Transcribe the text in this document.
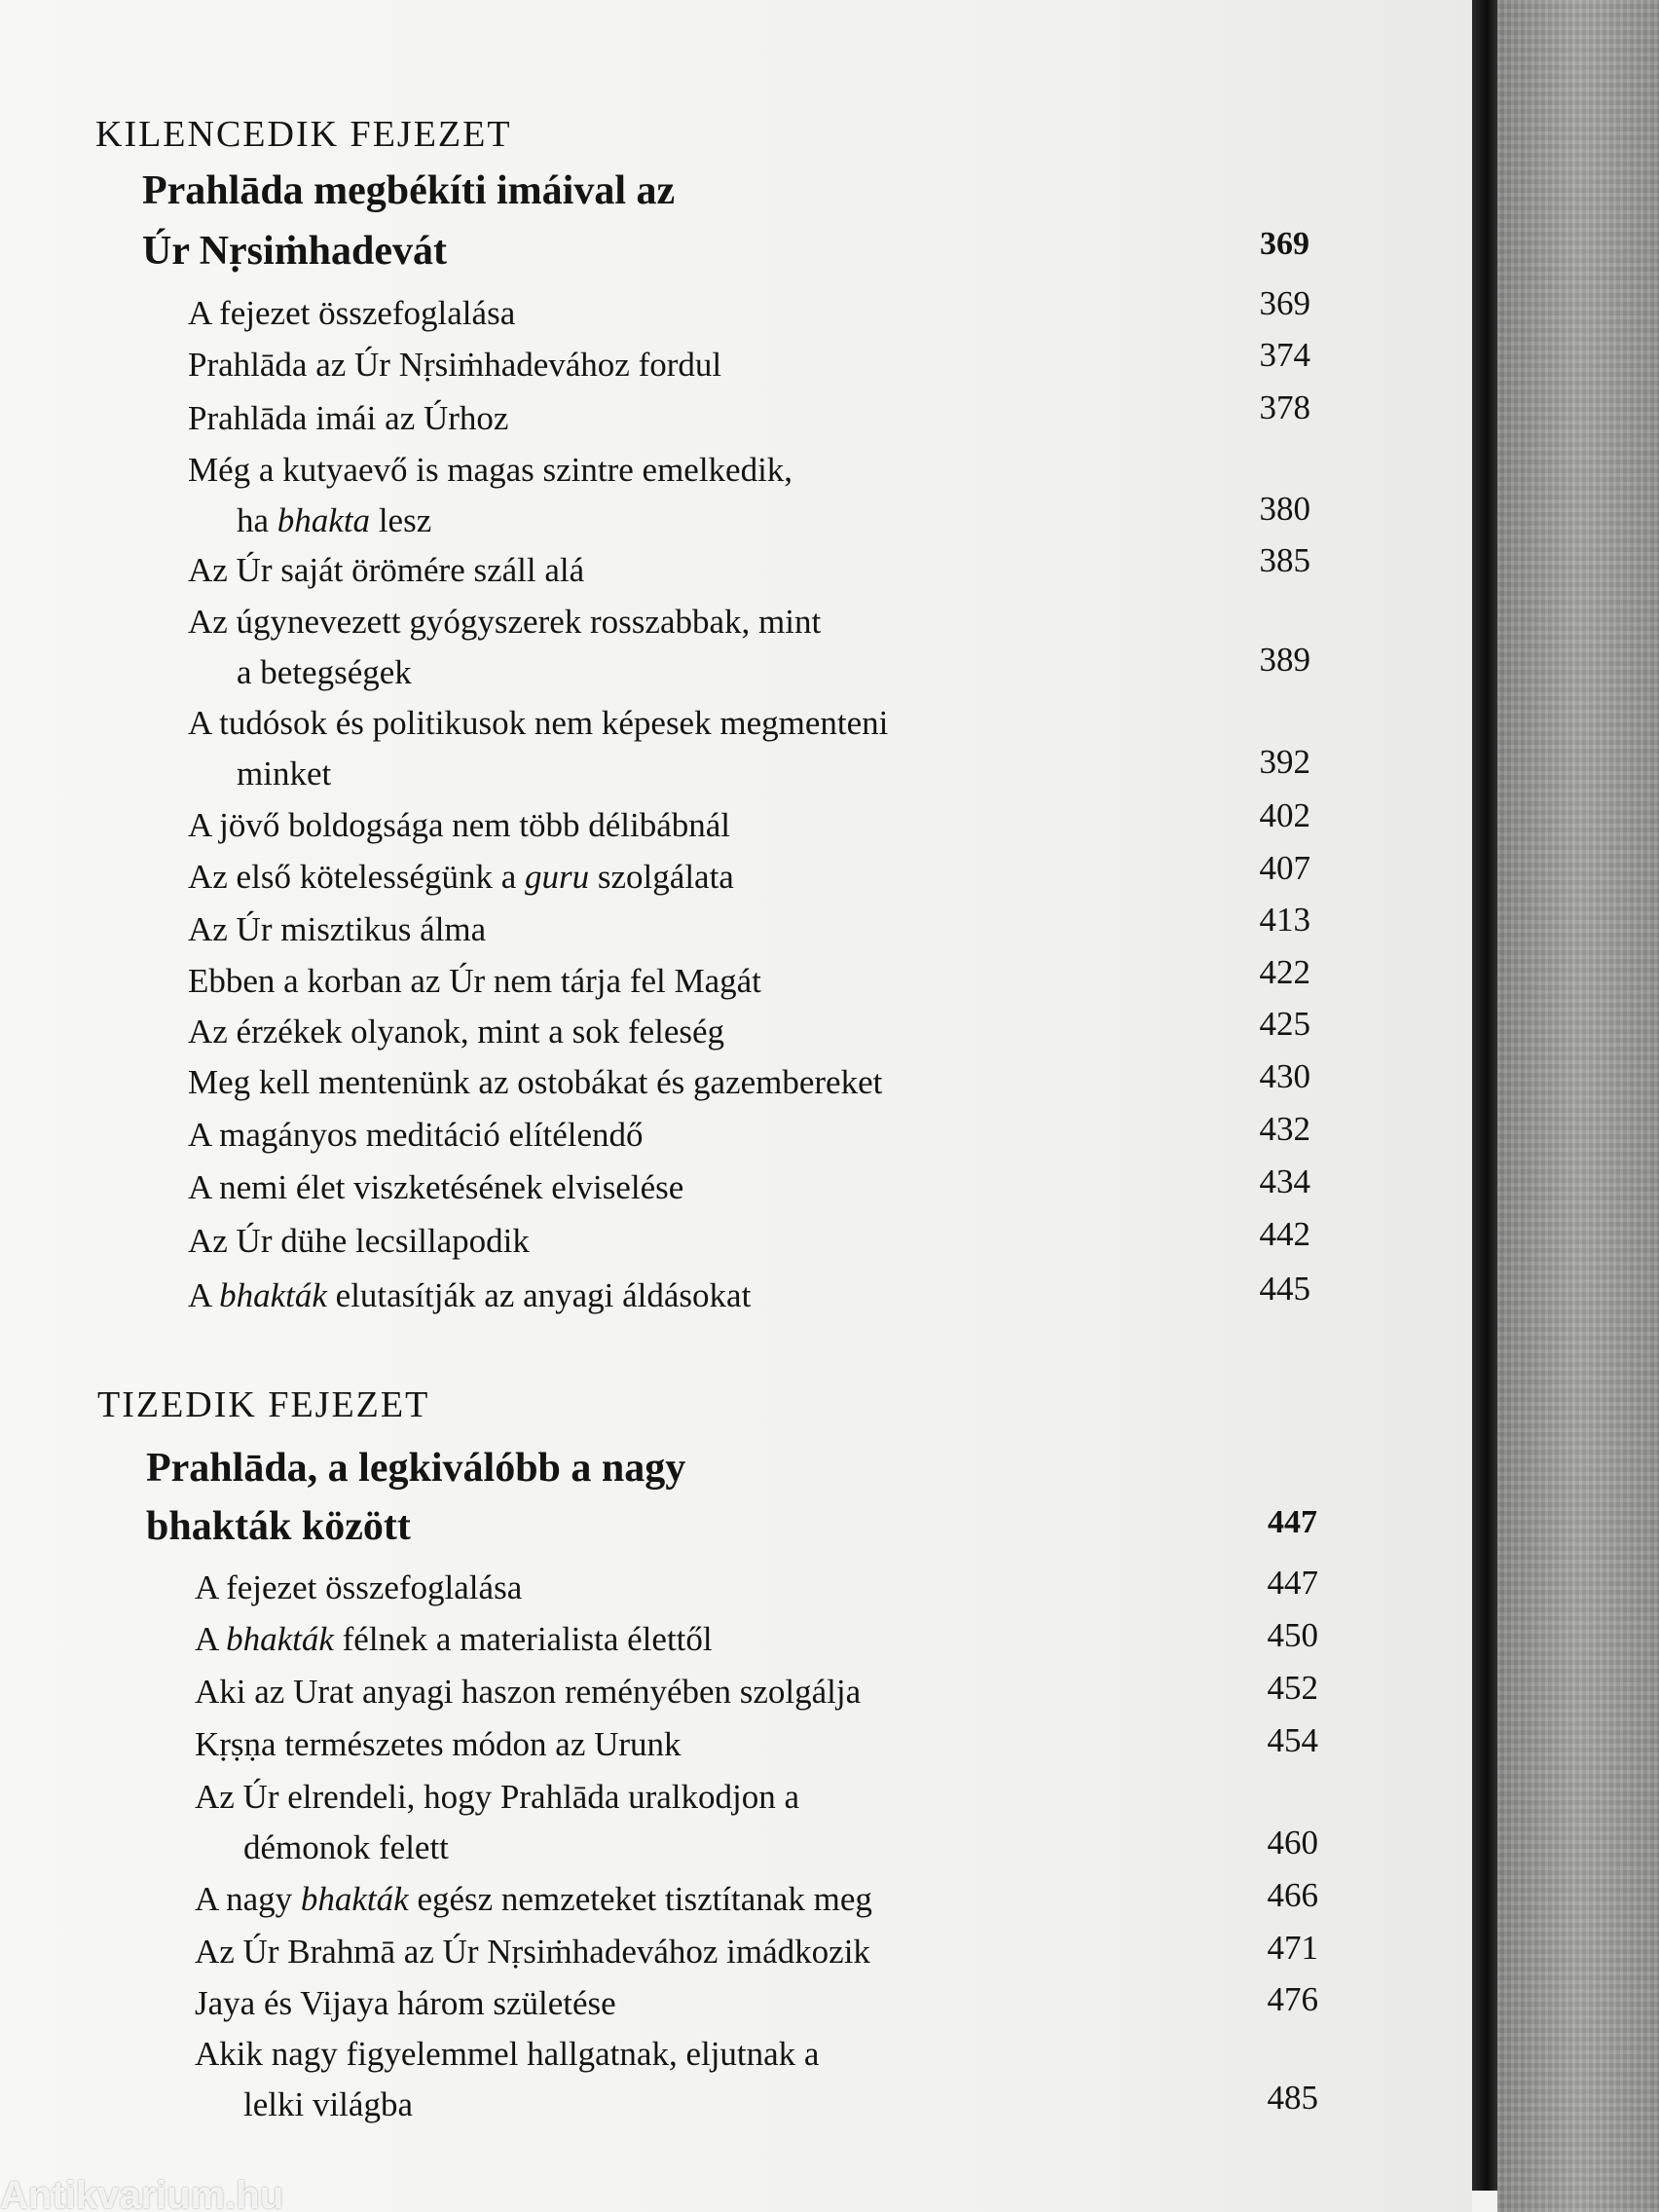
KILENCEDIK FEJEZET
Prahlāda megbékíti imáival az
Úr Nṛsiṁhadevát	369
A fejezet összefoglalása	369
Prahlāda az Úr Nṛsiṁhadevához fordul	374
Prahlāda imái az Úrhoz	378
Még a kutyaevő is magas szintre emelkedik,
ha bhakta lesz	380
Az Úr saját örömére száll alá	385
Az úgynevezett gyógyszerek rosszabbak, mint
a betegségek	389
A tudósok és politikusok nem képesek megmenteni
minket	392
A jövő boldogsága nem több délibábnál	402
Az első kötelességünk a guru szolgálata	407
Az Úr misztikus álma	413
Ebben a korban az Úr nem tárja fel Magát	422
Az érzékek olyanok, mint a sok feleség	425
Meg kell mentenünk az ostobákat és gazembereket	430
A magányos meditáció elítélendő	432
A nemi élet viszketésének elviselése	434
Az Úr dühe lecsillapodik	442
A bhakták elutasítják az anyagi áldásokat	445
TIZEDIK FEJEZET
Prahlāda, a legkiválóbb a nagy
bhakták között	447
A fejezet összefoglalása	447
A bhakták félnek a materialista élettől	450
Aki az Urat anyagi haszon reményében szolgálja	452
Kṛṣṇa természetes módon az Urunk	454
Az Úr elrendeli, hogy Prahlāda uralkodjon a
démonok felett	460
A nagy bhakták egész nemzeteket tisztítanak meg	466
Az Úr Brahmā az Úr Nṛsiṁhadevához imádkozik	471
Jaya és Vijaya három születése	476
Akik nagy figyelemmel hallgatnak, eljutnak a
lelki világba	485
Antikvarium.hu
